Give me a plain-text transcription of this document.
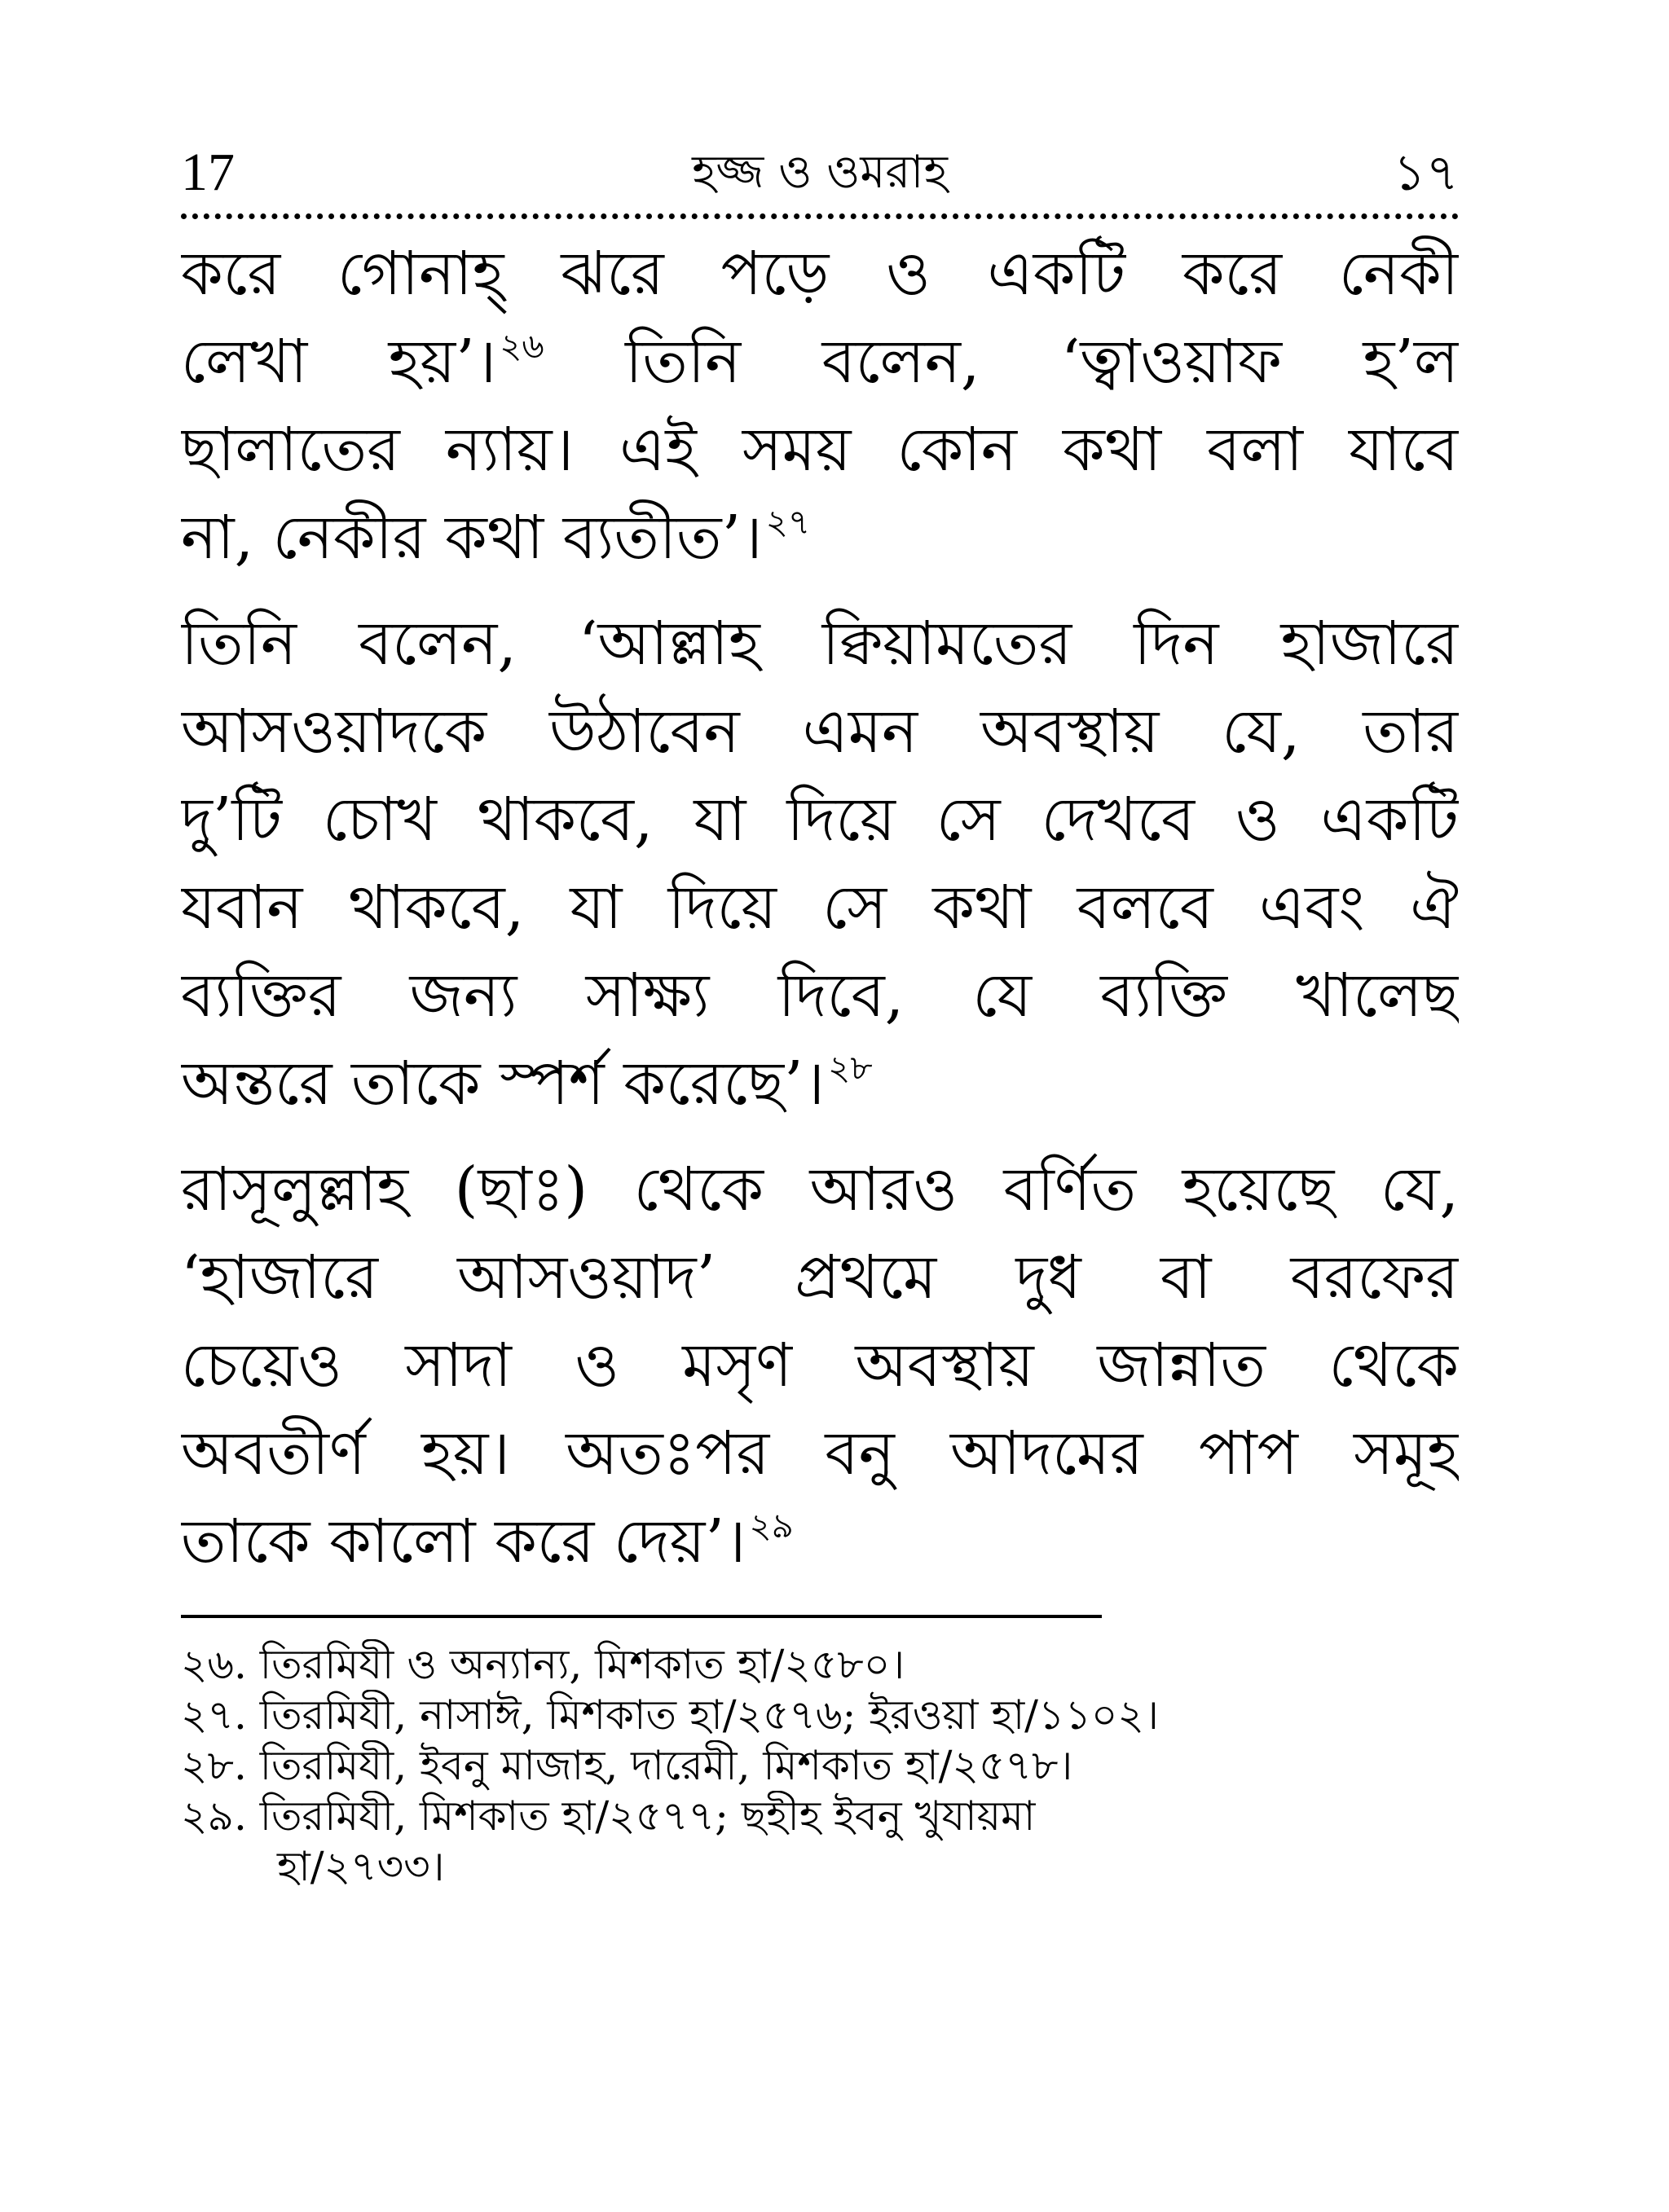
17	হজ্জ ও ওমরাহ	১৭
করে গোনাহ্ ঝরে পড়ে ও একটি করে নেকী
লেখা হয়’।$^{২৬}$ তিনি বলেন, ‘ত্বাওয়াফ হ’ল
ছালাতের ন্যায়। এই সময় কোন কথা বলা যাবে
না, নেকীর কথা ব্যতীত’।$^{২৭}$
তিনি বলেন, ‘আল্লাহ ক্বিয়ামতের দিন হাজারে
আসওয়াদকে উঠাবেন এমন অবস্থায় যে, তার
দু’টি চোখ থাকবে, যা দিয়ে সে দেখবে ও একটি
যবান থাকবে, যা দিয়ে সে কথা বলবে এবং ঐ
ব্যক্তির জন্য সাক্ষ্য দিবে, যে ব্যক্তি খালেছ
অন্তরে তাকে স্পর্শ করেছে’।$^{২৮}$
রাসূলুল্লাহ (ছাঃ) থেকে আরও বর্ণিত হয়েছে যে,
‘হাজারে আসওয়াদ’ প্রথমে দুধ বা বরফের
চেয়েও সাদা ও মসৃণ অবস্থায় জান্নাত থেকে
অবতীর্ণ হয়। অতঃপর বনু আদমের পাপ সমূহ
তাকে কালো করে দেয়’।$^{২৯}$
২৬. তিরমিযী ও অন্যান্য, মিশকাত হা/২৫৮০।
২৭. তিরমিযী, নাসাঈ, মিশকাত হা/২৫৭৬; ইরওয়া হা/১১০২।
২৮. তিরমিযী, ইবনু মাজাহ, দারেমী, মিশকাত হা/২৫৭৮।
২৯. তিরমিযী, মিশকাত হা/২৫৭৭; ছহীহ ইবনু খুযায়মা
হা/২৭৩৩।
